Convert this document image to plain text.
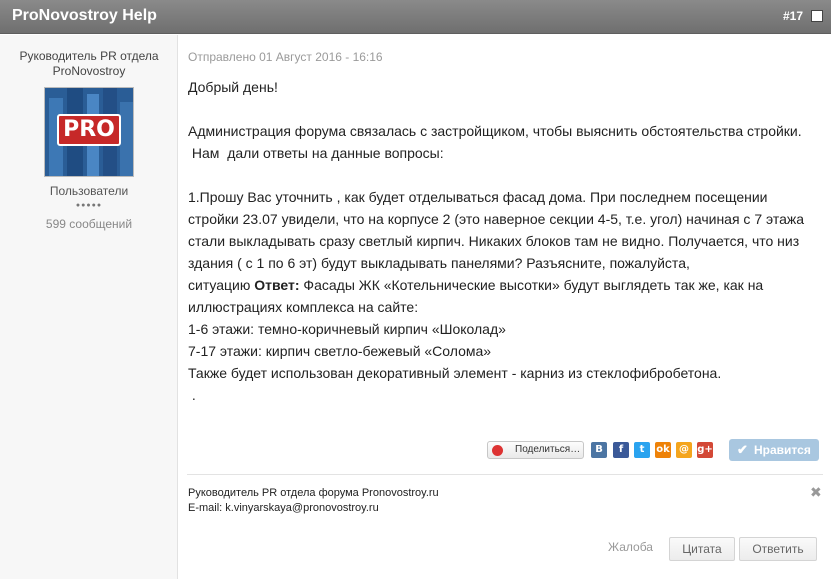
ProNovostroy Help	#17
Руководитель PR отдела
ProNovostroy
PRO
Пользователи
●●●●●
599 сообщений
Отправлено 01 Август 2016 - 16:16

Добрый день!

Администрация форума связалась с застройщиком, чтобы выяснить обстоятельства стройки.

Нам  дали ответы на данные вопросы:

1.Прошу Вас уточнить , как будет отделываться фасад дома. При последнем посещении

стройки 23.07 увидели, что на корпусе 2 (это наверное секции 4-5, т.е. угол) начиная с 7 этажа

стали выкладывать сразу светлый кирпич. Никаких блоков там не видно. Получается, что низ

здания ( с 1 по 6 эт) будут выкладывать панелями? Разъясните, пожалуйста,

ситуацию Ответ: Фасады ЖК «Котельнические высотки» будут выглядеть так же, как на

иллюстрациях комплекса на сайте:

1-6 этажи: темно-коричневый кирпич «Шоколад»

7-17 этажи: кирпич светло-бежевый «Солома»

Также будет использован декоративный элемент - карниз из стеклофибробетона.

.

Поделиться…	В	f	t	ok @ g+ ✔ Нравится
Руководитель PR отдела форума Pronovostroy.ru
E-mail: k.vinyarskaya@pronovostroy.ru
✖
Жалоба	Цитата	Ответить
